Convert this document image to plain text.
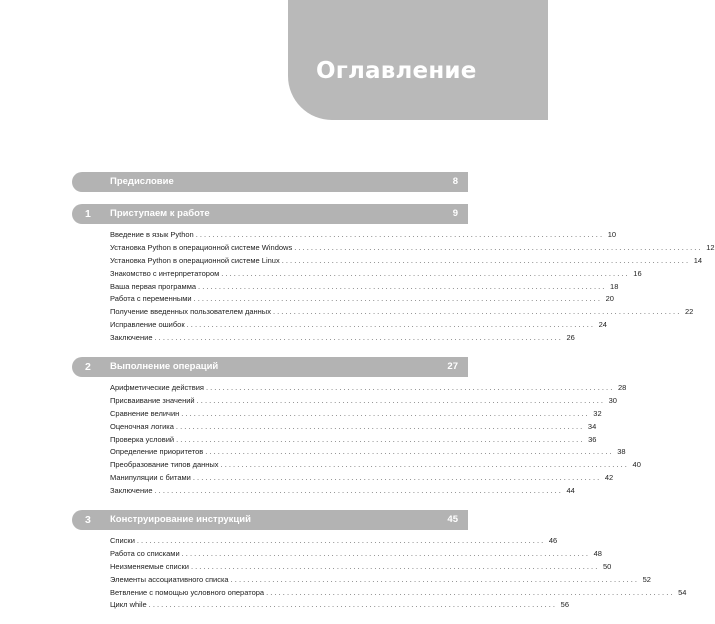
Оглавление
Предисловие	8
1 Приступаем к работе	9
Введение в язык Python . . .	10
Установка Python в операционной системе Windows . . .	12
Установка Python в операционной системе Linux . . .	14
Знакомство с интерпретатором . . .	16
Ваша первая программа . . .	18
Работа с переменными . . .	20
Получение введенных пользователем данных . . .	22
Исправление ошибок . . .	24
Заключение . . .	26
2 Выполнение операций	27
Арифметические действия . . .	28
Присваивание значений . . .	30
Сравнение величин . . .	32
Оценочная логика . . .	34
Проверка условий . . .	36
Определение приоритетов . . .	38
Преобразование типов данных . . .	40
Манипуляции с битами . . .	42
Заключение . . .	44
3 Конструирование инструкций	45
Списки . . .	46
Работа со списками . . .	48
Неизменяемые списки . . .	50
Элементы ассоциативного списка . . .	52
Ветвление с помощью условного оператора . . .	54
Цикл while . . .	56
